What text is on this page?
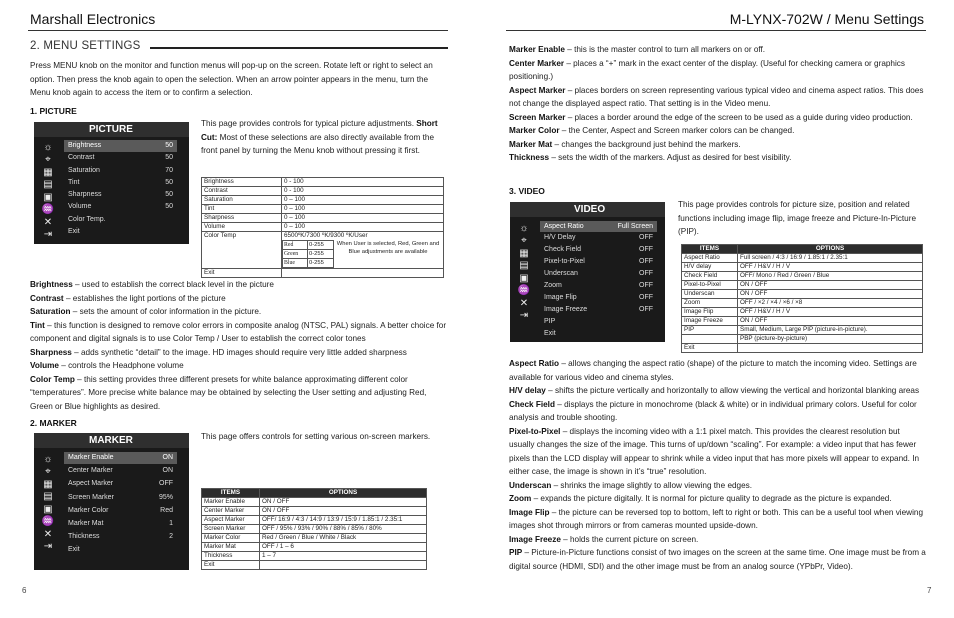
Marshall Electronics	M-LYNX-702W / Menu Settings
2. MENU SETTINGS
Press MENU knob on the monitor and function menus will pop-up on the screen. Rotate left or right to select an option. Then press the knob again to open the selection. When an arrow pointer appears in the menu, turn the Menu knob again to access the item or to confirm a selection.
1. PICTURE
PICTURE
☼
⌖
▦
▤
▣
♒
✕
⇥
Brightness	50
Contrast	50
Saturation	70
Tint	50
Sharpness	50
Volume	50
Color Temp.
Exit
This page provides controls for typical picture adjustments. Short Cut: Most of these selections are also directly available from the front panel by turning the Menu knob without pressing it first.
Brightness	0 - 100
Contrast	0 - 100
Saturation	0 – 100
Tint	0 – 100
Sharpness	0 – 100
Volume	0 – 100
Color Temp	6500ºK/7300 ºK/9300 ºK/User
Red	0-255
Green	0-255
Blue	0-255
When User is selected, Red, Green and Blue adjustments are available

Exit	
Brightness – used to establish the correct black level in the picture
Contrast – establishes the light portions of the picture
Saturation – sets the amount of color information in the picture.
Tint – this function is designed to remove color errors in composite analog (NTSC, PAL) signals. A better choice for component and digital signals is to use Color Temp / User to establish the correct color tones
Sharpness – adds synthetic “detail” to the image. HD images should require very little added sharpness
Volume – controls the Headphone volume
Color Temp – this setting provides three different presets for white balance approximating different color “temperatures”. More precise white balance may be obtained by selecting the User setting and adjusting Red, Green or Blue highlights as desired.
2. MARKER
MARKER
☼
⌖
▦
▤
▣
♒
✕
⇥
Marker Enable	ON
Center Marker	ON
Aspect Marker	OFF
Screen Marker	95%
Marker Color	Red
Marker Mat	1
Thickness	2
Exit
This page offers controls for setting various on-screen markers.
ITEMS	OPTIONS
Marker Enable	ON / OFF
Center Marker	ON / OFF
Aspect Marker	OFF/ 16:9 / 4:3 / 14:9 / 13:9 / 15:9 / 1.85:1 / 2.35:1
Screen Marker	OFF / 95% / 93% / 90% / 88% / 85% / 80%
Marker Color	Red / Green / Blue / White / Black
Marker Mat	OFF / 1 – 6
Thickness	1 – 7
Exit	
6
Marker Enable – this is the master control to turn all markers on or off.
Center Marker – places a “+” mark in the exact center of the display. (Useful for checking camera or graphics positioning.)
Aspect Marker – places borders on screen representing various typical video and cinema aspect ratios. This does not change the displayed aspect ratio. That setting is in the Video menu.
Screen Marker – places a border around the edge of the screen to be used as a guide during video production.
Marker Color – the Center, Aspect and Screen marker colors can be changed.
Marker Mat – changes the background just behind the markers.
Thickness – sets the width of the markers. Adjust as desired for best visibility.
3. VIDEO
VIDEO
☼
⌖
▦
▤
▣
♒
✕
⇥
Aspect Ratio	Full Screen
H/V Delay	OFF
Check Field	OFF
Pixel-to-Pixel	OFF
Underscan	OFF
Zoom	OFF
Image Flip	OFF
Image Freeze	OFF
PIP
Exit
This page provides controls for picture size, position and related functions including image flip, image freeze and Picture-In-Picture (PIP).
ITEMS	OPTIONS
Aspect Ratio	Full screen / 4:3 / 16:9 / 1.85:1 / 2.35:1
H/V delay	OFF / H&V / H / V
Check Field	OFF/ Mono / Red / Green / Blue
Pixel-to-Pixel	ON / OFF
Underscan	ON / OFF
Zoom	OFF / ×2 / ×4 / ×6 / ×8
Image Flip	OFF / H&V / H / V
Image Freeze	ON / OFF
PIP	Small, Medium, Large PIP (picture-in-picture).
	PBP (picture-by-picture)
Exit	
Aspect Ratio – allows changing the aspect ratio (shape) of the picture to match the incoming video. Settings are available for various video and cinema styles.
H/V delay – shifts the picture vertically and horizontally to allow viewing the vertical and horizontal blanking areas
Check Field – displays the picture in monochrome (black & white) or in individual primary colors. Useful for color analysis and trouble shooting.
Pixel-to-Pixel – displays the incoming video with a 1:1 pixel match. This provides the clearest resolution but usually changes the size of the image. This turns of up/down “scaling”. For example: a video input that has fewer pixels than the LCD display will appear to shrink while a video input that has more pixels will appear to expand. In either case, the image is shown in it’s “true” resolution.
Underscan – shrinks the image slightly to allow viewing the edges.
Zoom – expands the picture digitally. It is normal for picture quality to degrade as the picture is expanded.
Image Flip – the picture can be reversed top to bottom, left to right or both. This can be a useful tool when viewing images shot through mirrors or from cameras mounted upside-down.
Image Freeze – holds the current picture on screen.
PIP – Picture-in-Picture functions consist of two images on the screen at the same time. One image must be from a digital source (HDMI, SDI) and the other image must be from an analog source (YPbPr, Video).
7
